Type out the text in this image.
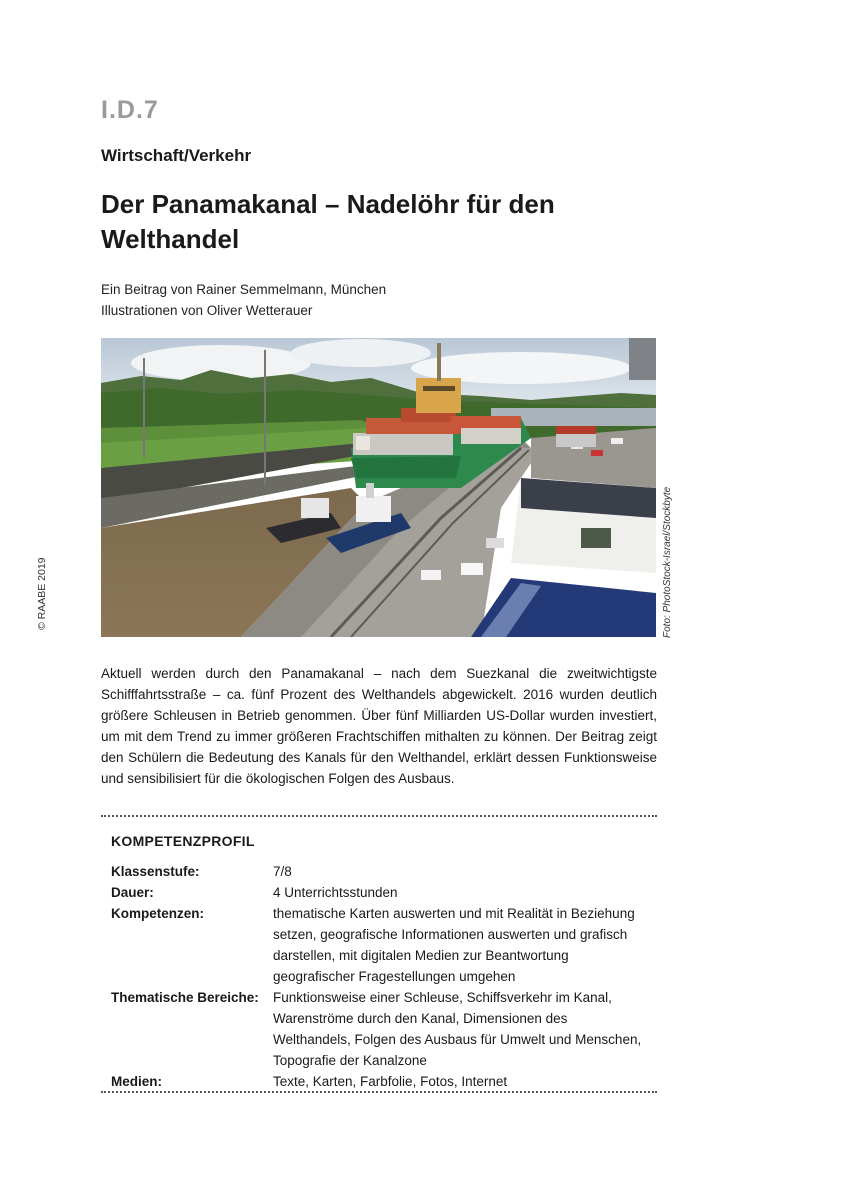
I.D.7
Wirtschaft/Verkehr
Der Panamakanal – Nadelöhr für den Welthandel
Ein Beitrag von Rainer Semmelmann, München
Illustrationen von Oliver Wetterauer
Foto: PhotoStock-Israel/Stockbyte
© RAABE 2019
Aktuell werden durch den Panamakanal – nach dem Suezkanal die zweitwichtigste Schifffahrtsstraße – ca. fünf Prozent des Welthandels abgewickelt. 2016 wurden deutlich größere Schleusen in Betrieb genommen. Über fünf Milliarden US-Dollar wurden investiert, um mit dem Trend zu immer größeren Frachtschiffen mithalten zu können. Der Beitrag zeigt den Schülern die Bedeutung des Kanals für den Welthandel, erklärt dessen Funktionsweise und sensibilisiert für die ökologischen Folgen des Ausbaus.
KOMPETENZPROFIL
Klassenstufe:	7/8
Dauer:	4 Unterrichtsstunden
Kompetenzen:	thematische Karten auswerten und mit Realität in Beziehung setzen, geografische Informationen auswerten und grafisch darstellen, mit digitalen Medien zur Beantwortung geografischer Fragestellungen umgehen
Thematische Bereiche:	Funktionsweise einer Schleuse, Schiffsverkehr im Kanal, Warenströme durch den Kanal, Dimensionen des Welthandels, Folgen des Ausbaus für Umwelt und Menschen, Topografie der Kanalzone
Medien:	Texte, Karten, Farbfolie, Fotos, Internet
